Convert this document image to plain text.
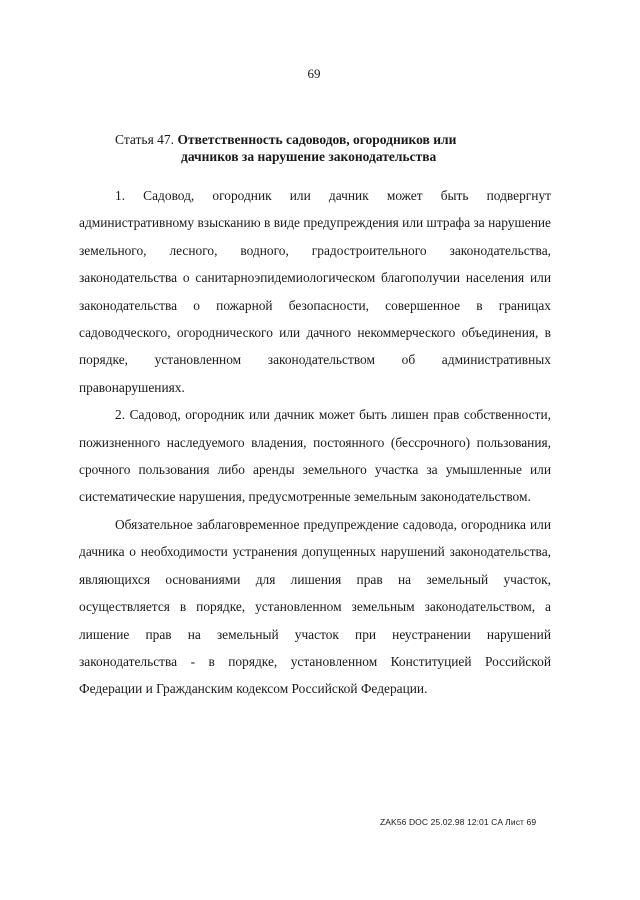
69
Статья 47. Ответственность садоводов, огородников или
дачников за нарушение законодательства

1. Садовод, огородник или дачник может быть подвергнут административному взысканию в виде предупреждения или штрафа за нарушение земельного, лесного, водного, градостроительного законодательства, законодательства о санитарноэпидемиологическом благополучии населения или законодательства о пожарной безопасности, совершенное в границах садоводческого, огороднического или дачного некоммерческого объединения, в порядке, установленном законодательством об административных правонарушениях.

2. Садовод, огородник или дачник может быть лишен прав собственности, пожизненного наследуемого владения, постоянного (бессрочного) пользования, срочного пользования либо аренды земельного участка за умышленные или систематические нарушения, предусмотренные земельным законодательством.

Обязательное заблаговременное предупреждение садовода, огородника или дачника о необходимости устранения допущенных нарушений законодательства, являющихся основаниями для лишения прав на земельный участок, осуществляется в порядке, установленном земельным законодательством, а лишение прав на земельный участок при неустранении нарушений законодательства - в порядке, установленном Конституцией Российской Федерации и Гражданским кодексом Российской Федерации.

ZAK56 DOC 25.02.98 12:01 CA Лист 69
